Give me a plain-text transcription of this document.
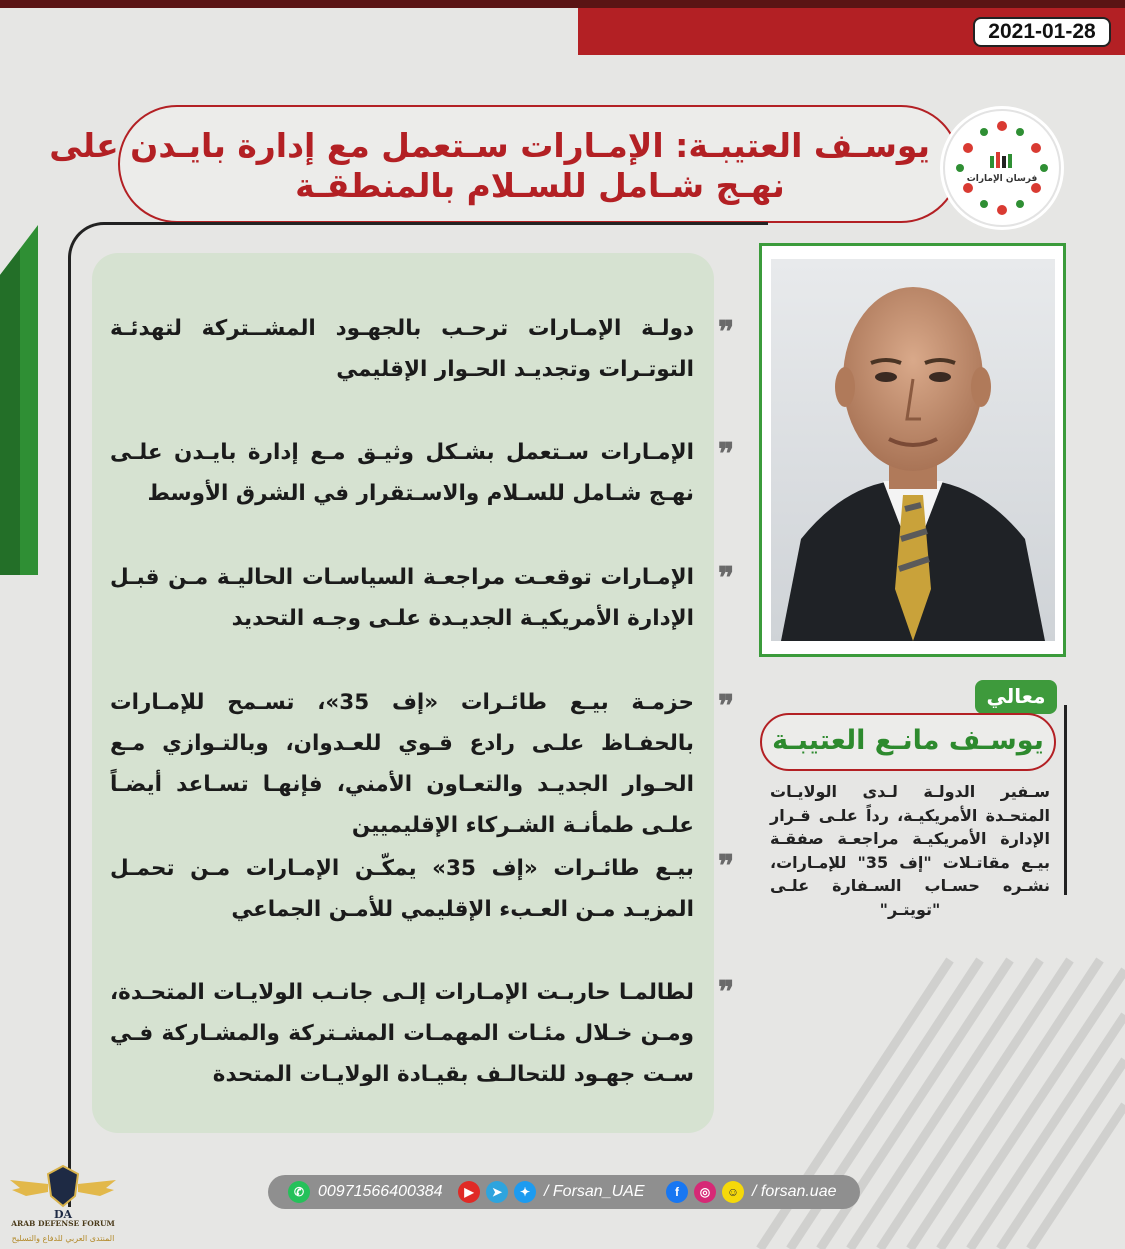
2021-01-28
يوسـف العتيبـة: الإمـارات سـتعمل مع إدارة بايـدن على
نهـج شـامل للسـلام بالمنطقـة	فرسان الإمارات
دولـة الإمـارات ترحـب بالجهـود المشــتركة لتهدئـة التوتـرات وتجديـد الحـوار الإقليمي
❞
الإمـارات سـتعمل بشـكل وثيـق مـع إدارة بايـدن علـى نهـج شـامل للسـلام والاسـتقرار في الشرق الأوسط
❞
الإمـارات توقعـت مراجعـة السياسـات الحاليـة مـن قبـل الإدارة الأمريكيـة الجديـدة علـى وجـه التحديد
❞
حزمـة بيـع طائـرات «إف 35»، تسـمح للإمـارات بالحفـاظ علـى رادع قـوي للعـدوان، وبالتـوازي مـع الحـوار الجديـد والتعـاون الأمني، فإنهـا تسـاعد أيضـاً علـى طمأنـة الشـركاء الإقليميين
❞
بيـع طائـرات «إف 35» يمكّـن الإمـارات مـن تحمـل المزيـد مـن العـبء الإقليمي للأمـن الجماعي
❞
لطالمـا حاربـت الإمـارات إلـى جانـب الولايـات المتحـدة، ومـن خـلال مئـات المهمـات المشـتركة والمشـاركة فـي سـت جهـود للتحالـف بقيـادة الولايـات المتحدة
❞
معالي
يوسـف مانـع العتيبـة
سـفير الدولـة لـدى الولايـات المتحـدة الأمريكيـة، رداً علـى قـرار الإدارة الأمريكيـة مراجعـة صفقـة بيـع مقاتـلات "إف 35" للإمـارات، نشـره حسـاب السـفارة علـى "تويتـر"
✆ 00971566400384	▶	➤	✦ / Forsan_UAE	f	◎	☺ / forsan.uae
DA
ARAB DEFENSE FORUM
المنتدى العربي للدفاع والتسليح
